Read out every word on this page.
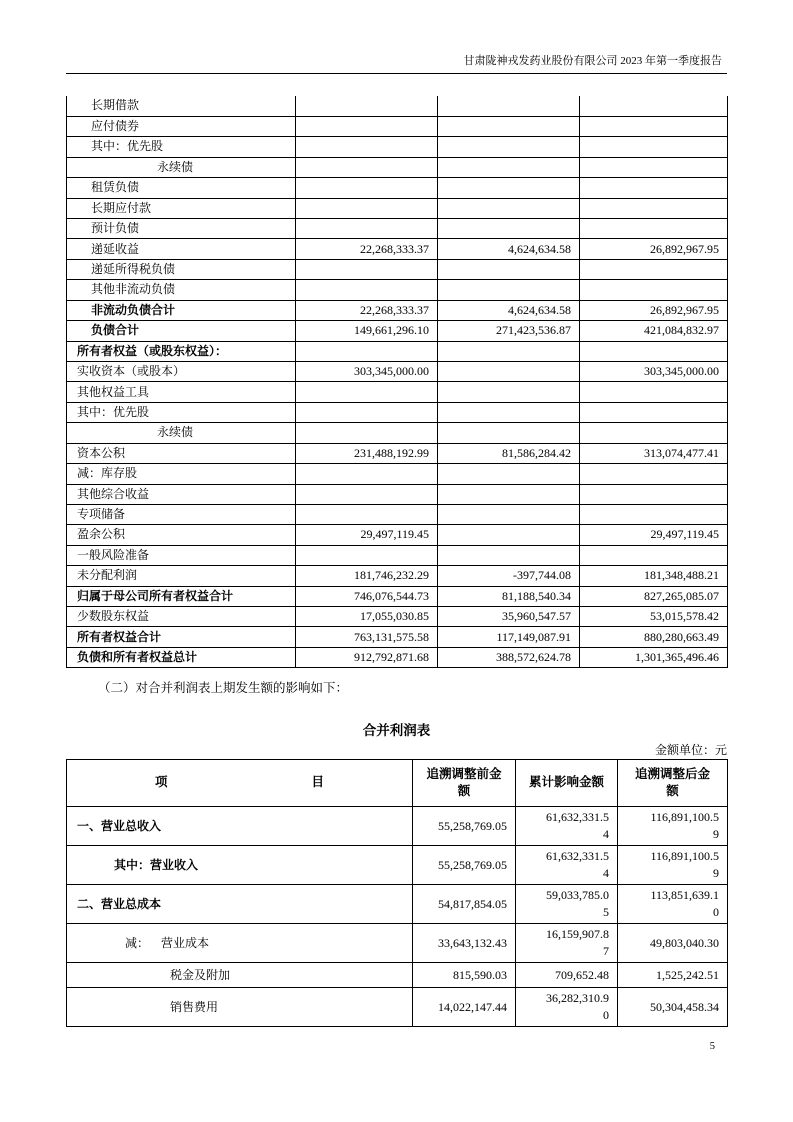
甘肃陇神戎发药业股份有限公司 2023 年第一季度报告
长期借款			
应付债券			
其中：优先股			
永续债			
租赁负债			
长期应付款			
预计负债			
递延收益	22,268,333.37	4,624,634.58	26,892,967.95
递延所得税负债			
其他非流动负债			
非流动负债合计	22,268,333.37	4,624,634.58	26,892,967.95
负债合计	149,661,296.10	271,423,536.87	421,084,832.97
所有者权益（或股东权益）：			
实收资本（或股本）	303,345,000.00		303,345,000.00
其他权益工具			
其中：优先股			
永续债			
资本公积	231,488,192.99	81,586,284.42	313,074,477.41
减：库存股			
其他综合收益			
专项储备			
盈余公积	29,497,119.45		29,497,119.45
一般风险准备			
未分配利润	181,746,232.29	-397,744.08	181,348,488.21
归属于母公司所有者权益合计	746,076,544.73	81,188,540.34	827,265,085.07
少数股东权益	17,055,030.85	35,960,547.57	53,015,578.42
所有者权益合计	763,131,575.58	117,149,087.91	880,280,663.49
负债和所有者权益总计	912,792,871.68	388,572,624.78	1,301,365,496.46

（二）对合并利润表上期发生额的影响如下：

合并利润表
金额单位：元
项 目	追溯调整前金额	累计影响金额	追溯调整后金额
一、营业总收入	55,258,769.05	61,632,331.54	116,891,100.59
其中：营业收入	55,258,769.05	61,632,331.54	116,891,100.59
二、营业总成本	54,817,854.05	59,033,785.05	113,851,639.10
减：    营业成本	33,643,132.43	16,159,907.87	49,803,040.30
税金及附加	815,590.03	709,652.48	1,525,242.51
销售费用	14,022,147.44	36,282,310.90	50,304,458.34
5
